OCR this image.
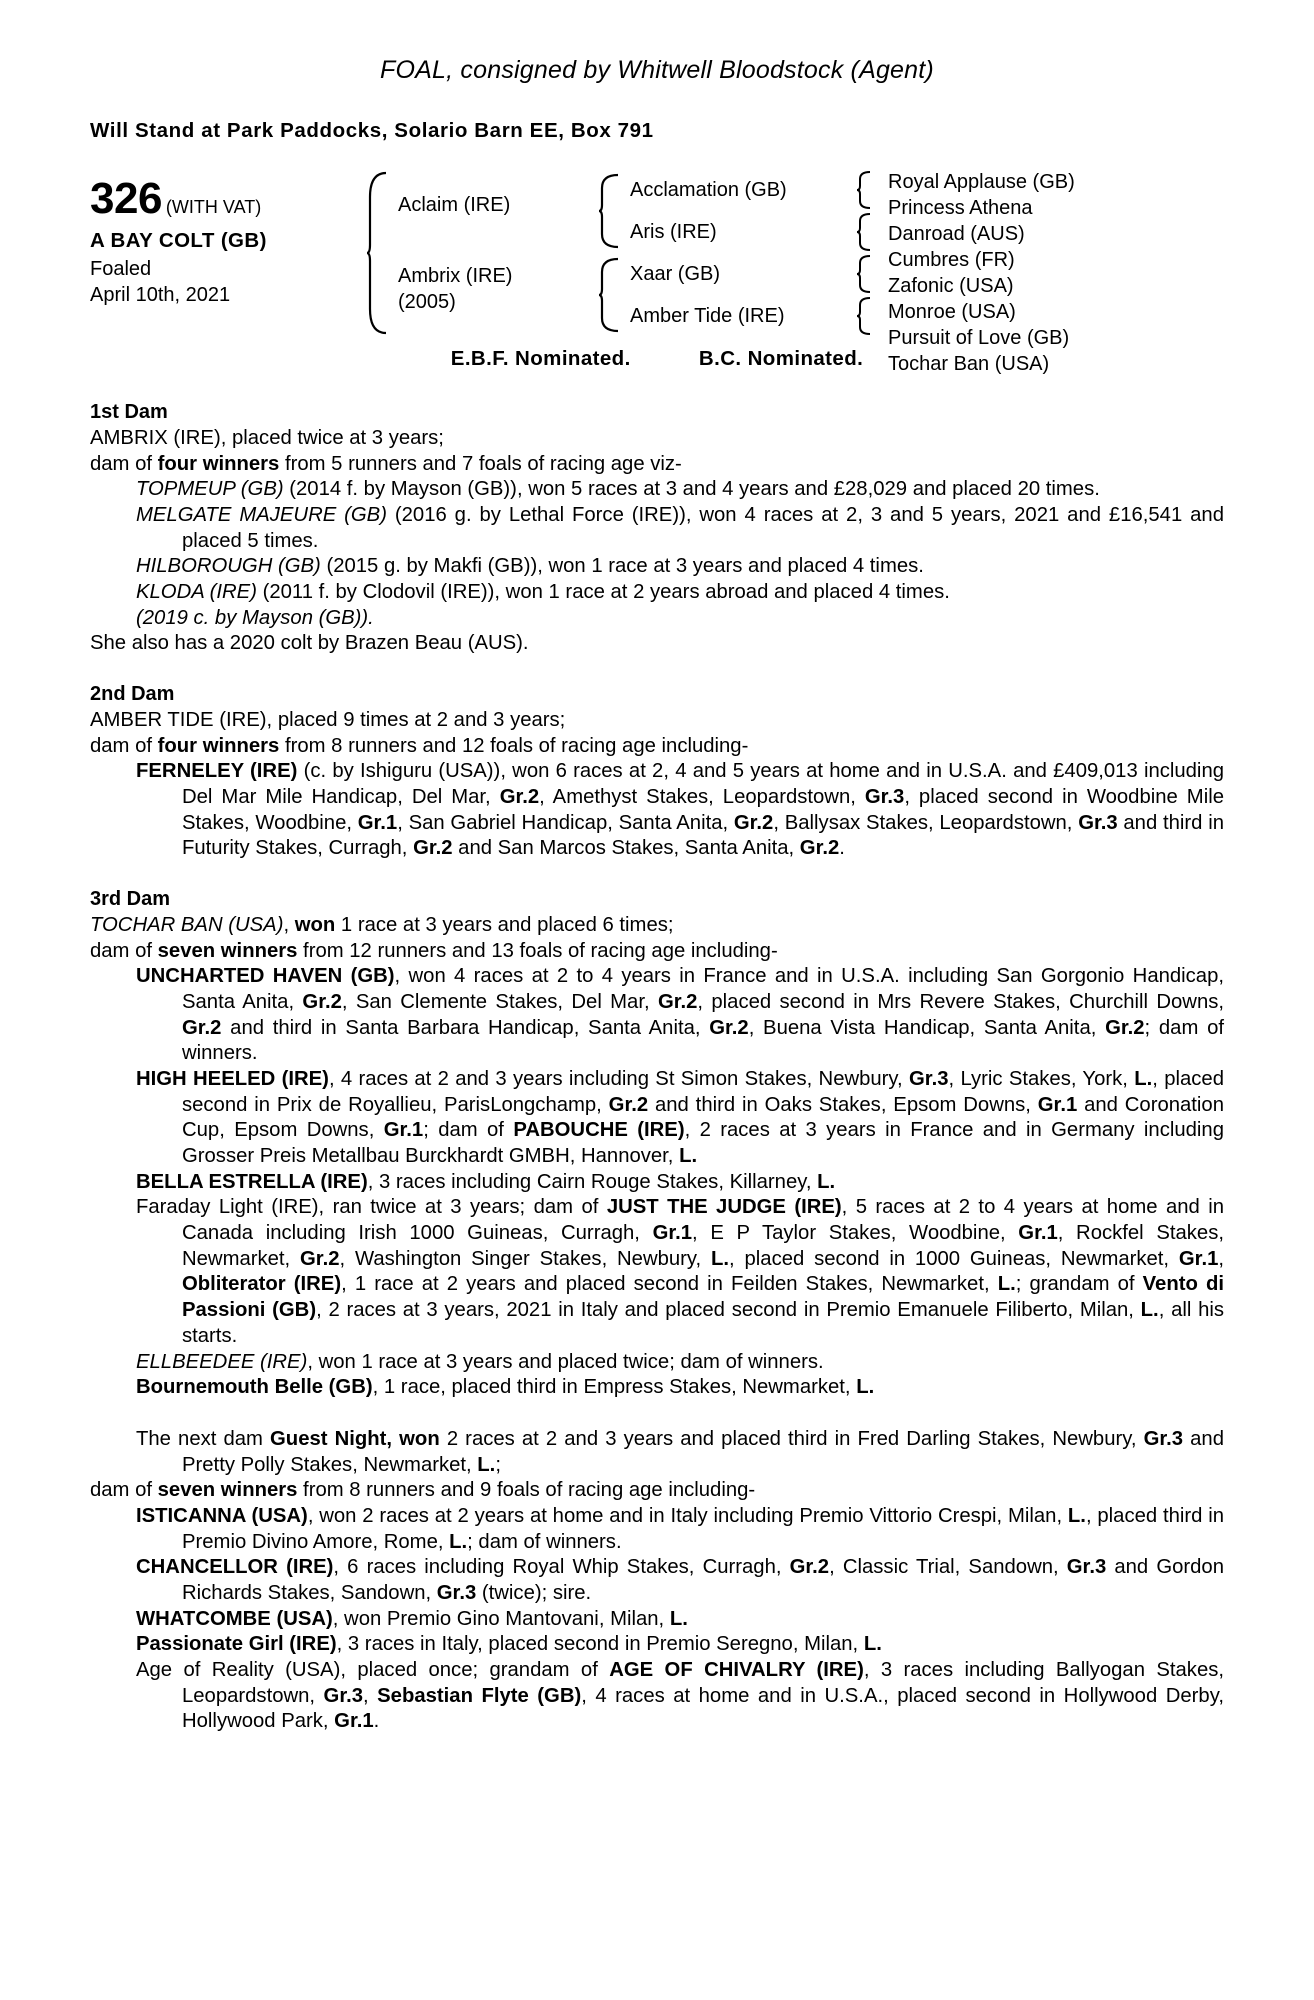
FOAL, consigned by Whitwell Bloodstock (Agent)
Will Stand at Park Paddocks, Solario Barn EE, Box 791
326 (WITH VAT)
A BAY COLT (GB)
Foaled
April 10th, 2021
Aclaim (IRE)
Ambrix (IRE)
(2005)
Acclamation (GB)
Aris (IRE)
Xaar (GB)
Amber Tide (IRE)
Royal Applause (GB)
Princess Athena
Danroad (AUS)
Cumbres (FR)
Zafonic (USA)
Monroe (USA)
Pursuit of Love (GB)
Tochar Ban (USA)
E.B.F. Nominated.	B.C. Nominated.
1st Dam

AMBRIX (IRE), placed twice at 3 years;

dam of four winners from 5 runners and 7 foals of racing age viz-

TOPMEUP (GB) (2014 f. by Mayson (GB)), won 5 races at 3 and 4 years and £28,029 and placed 20 times.

MELGATE MAJEURE (GB) (2016 g. by Lethal Force (IRE)), won 4 races at 2, 3 and 5 years, 2021 and £16,541 and placed 5 times.

HILBOROUGH (GB) (2015 g. by Makfi (GB)), won 1 race at 3 years and placed 4 times.

KLODA (IRE) (2011 f. by Clodovil (IRE)), won 1 race at 2 years abroad and placed 4 times.

(2019 c. by Mayson (GB)).

She also has a 2020 colt by Brazen Beau (AUS).

2nd Dam

AMBER TIDE (IRE), placed 9 times at 2 and 3 years;

dam of four winners from 8 runners and 12 foals of racing age including-

FERNELEY (IRE) (c. by Ishiguru (USA)), won 6 races at 2, 4 and 5 years at home and in U.S.A. and £409,013 including Del Mar Mile Handicap, Del Mar, Gr.2, Amethyst Stakes, Leopardstown, Gr.3, placed second in Woodbine Mile Stakes, Woodbine, Gr.1, San Gabriel Handicap, Santa Anita, Gr.2, Ballysax Stakes, Leopardstown, Gr.3 and third in Futurity Stakes, Curragh, Gr.2 and San Marcos Stakes, Santa Anita, Gr.2.

3rd Dam

TOCHAR BAN (USA), won 1 race at 3 years and placed 6 times;

dam of seven winners from 12 runners and 13 foals of racing age including-

UNCHARTED HAVEN (GB), won 4 races at 2 to 4 years in France and in U.S.A. including San Gorgonio Handicap, Santa Anita, Gr.2, San Clemente Stakes, Del Mar, Gr.2, placed second in Mrs Revere Stakes, Churchill Downs, Gr.2 and third in Santa Barbara Handicap, Santa Anita, Gr.2, Buena Vista Handicap, Santa Anita, Gr.2; dam of winners.

HIGH HEELED (IRE), 4 races at 2 and 3 years including St Simon Stakes, Newbury, Gr.3, Lyric Stakes, York, L., placed second in Prix de Royallieu, ParisLongchamp, Gr.2 and third in Oaks Stakes, Epsom Downs, Gr.1 and Coronation Cup, Epsom Downs, Gr.1; dam of PABOUCHE (IRE), 2 races at 3 years in France and in Germany including Grosser Preis Metallbau Burckhardt GMBH, Hannover, L.

BELLA ESTRELLA (IRE), 3 races including Cairn Rouge Stakes, Killarney, L.

Faraday Light (IRE), ran twice at 3 years; dam of JUST THE JUDGE (IRE), 5 races at 2 to 4 years at home and in Canada including Irish 1000 Guineas, Curragh, Gr.1, E P Taylor Stakes, Woodbine, Gr.1, Rockfel Stakes, Newmarket, Gr.2, Washington Singer Stakes, Newbury, L., placed second in 1000 Guineas, Newmarket, Gr.1, Obliterator (IRE), 1 race at 2 years and placed second in Feilden Stakes, Newmarket, L.; grandam of Vento di Passioni (GB), 2 races at 3 years, 2021 in Italy and placed second in Premio Emanuele Filiberto, Milan, L., all his starts.

ELLBEEDEE (IRE), won 1 race at 3 years and placed twice; dam of winners.

Bournemouth Belle (GB), 1 race, placed third in Empress Stakes, Newmarket, L.

The next dam Guest Night, won 2 races at 2 and 3 years and placed third in Fred Darling Stakes, Newbury, Gr.3 and Pretty Polly Stakes, Newmarket, L.;

dam of seven winners from 8 runners and 9 foals of racing age including-

ISTICANNA (USA), won 2 races at 2 years at home and in Italy including Premio Vittorio Crespi, Milan, L., placed third in Premio Divino Amore, Rome, L.; dam of winners.

CHANCELLOR (IRE), 6 races including Royal Whip Stakes, Curragh, Gr.2, Classic Trial, Sandown, Gr.3 and Gordon Richards Stakes, Sandown, Gr.3 (twice); sire.

WHATCOMBE (USA), won Premio Gino Mantovani, Milan, L.

Passionate Girl (IRE), 3 races in Italy, placed second in Premio Seregno, Milan, L.

Age of Reality (USA), placed once; grandam of AGE OF CHIVALRY (IRE), 3 races including Ballyogan Stakes, Leopardstown, Gr.3, Sebastian Flyte (GB), 4 races at home and in U.S.A., placed second in Hollywood Derby, Hollywood Park, Gr.1.
